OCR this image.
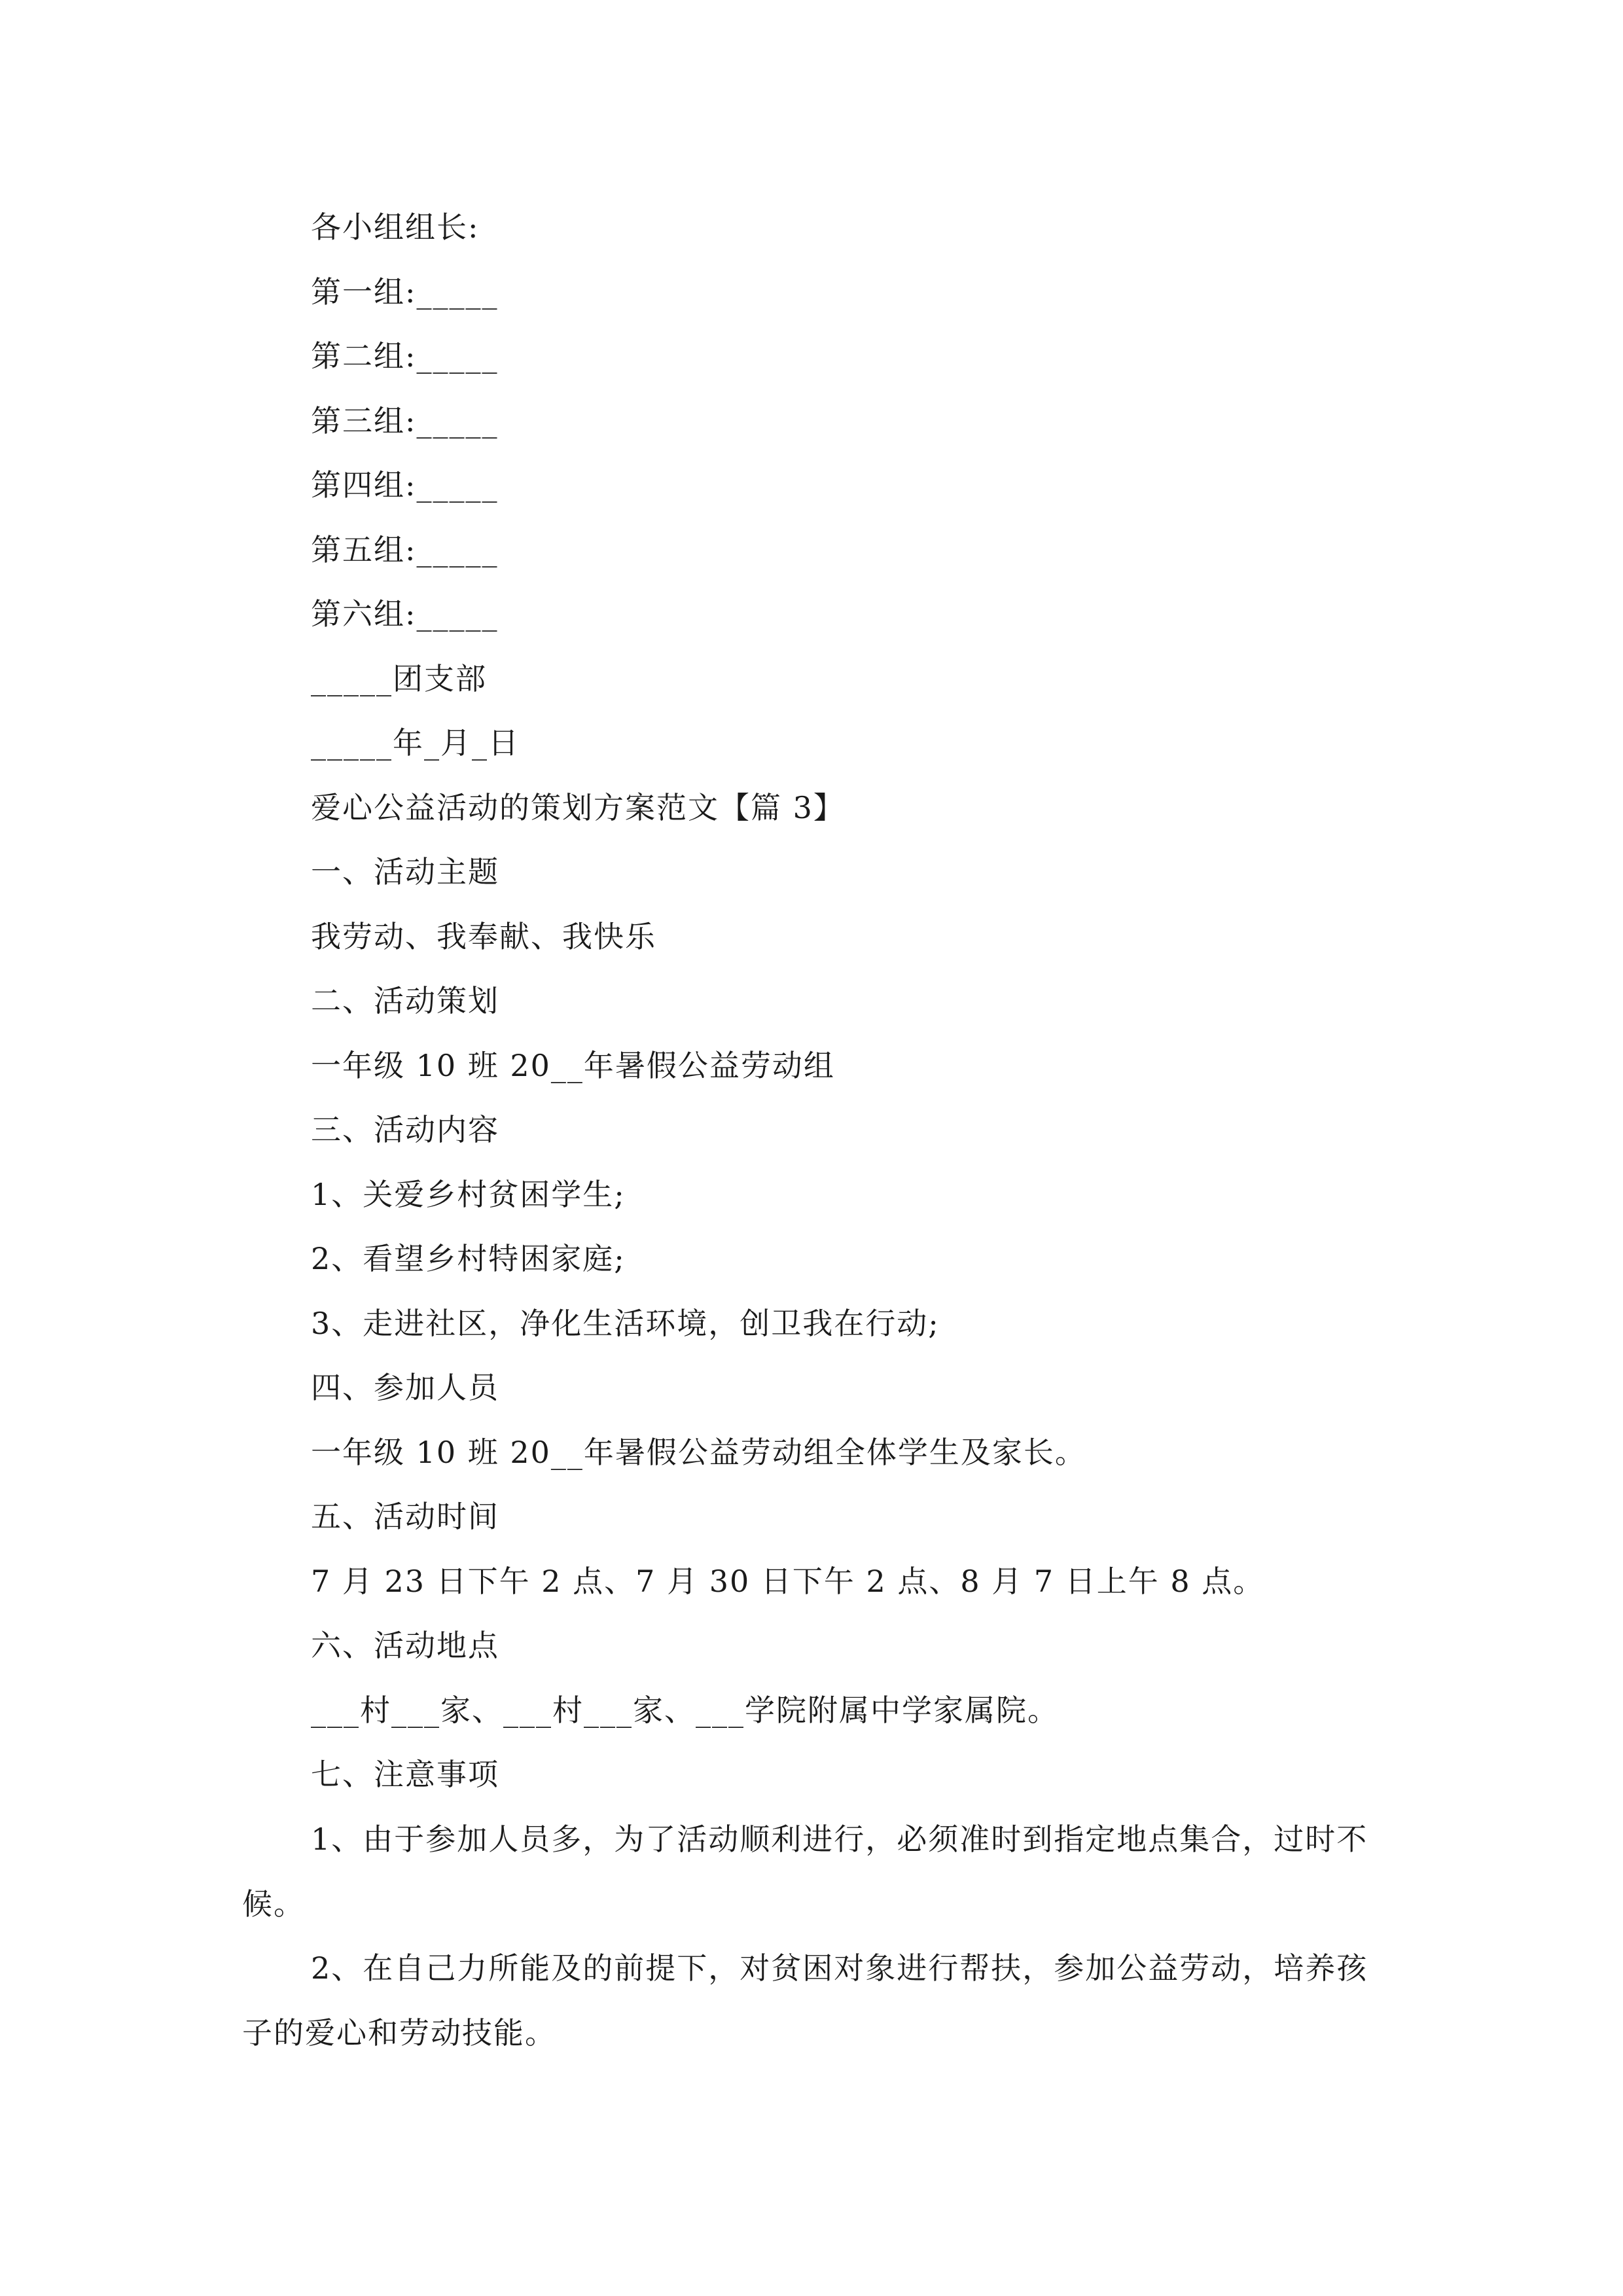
各小组组长:
第一组:_____
第二组:_____
第三组:_____
第四组:_____
第五组:_____
第六组:_____
_____团支部
_____年_月_日
爱心公益活动的策划方案范文【篇 3】
一、活动主题
我劳动、我奉献、我快乐
二、活动策划
一年级 10 班 20__年暑假公益劳动组
三、活动内容
1、关爱乡村贫困学生;
2、看望乡村特困家庭;
3、走进社区，净化生活环境，创卫我在行动;
四、参加人员
一年级 10 班 20__年暑假公益劳动组全体学生及家长。
五、活动时间
7 月 23 日下午 2 点、7 月 30 日下午 2 点、8 月 7 日上午 8 点。
六、活动地点
___村___家、___村___家、___学院附属中学家属院。
七、注意事项
1、由于参加人员多，为了活动顺利进行，必须准时到指定地点集合，过时不候。
2、在自己力所能及的前提下，对贫困对象进行帮扶，参加公益劳动，培养孩子的爱心和劳动技能。
